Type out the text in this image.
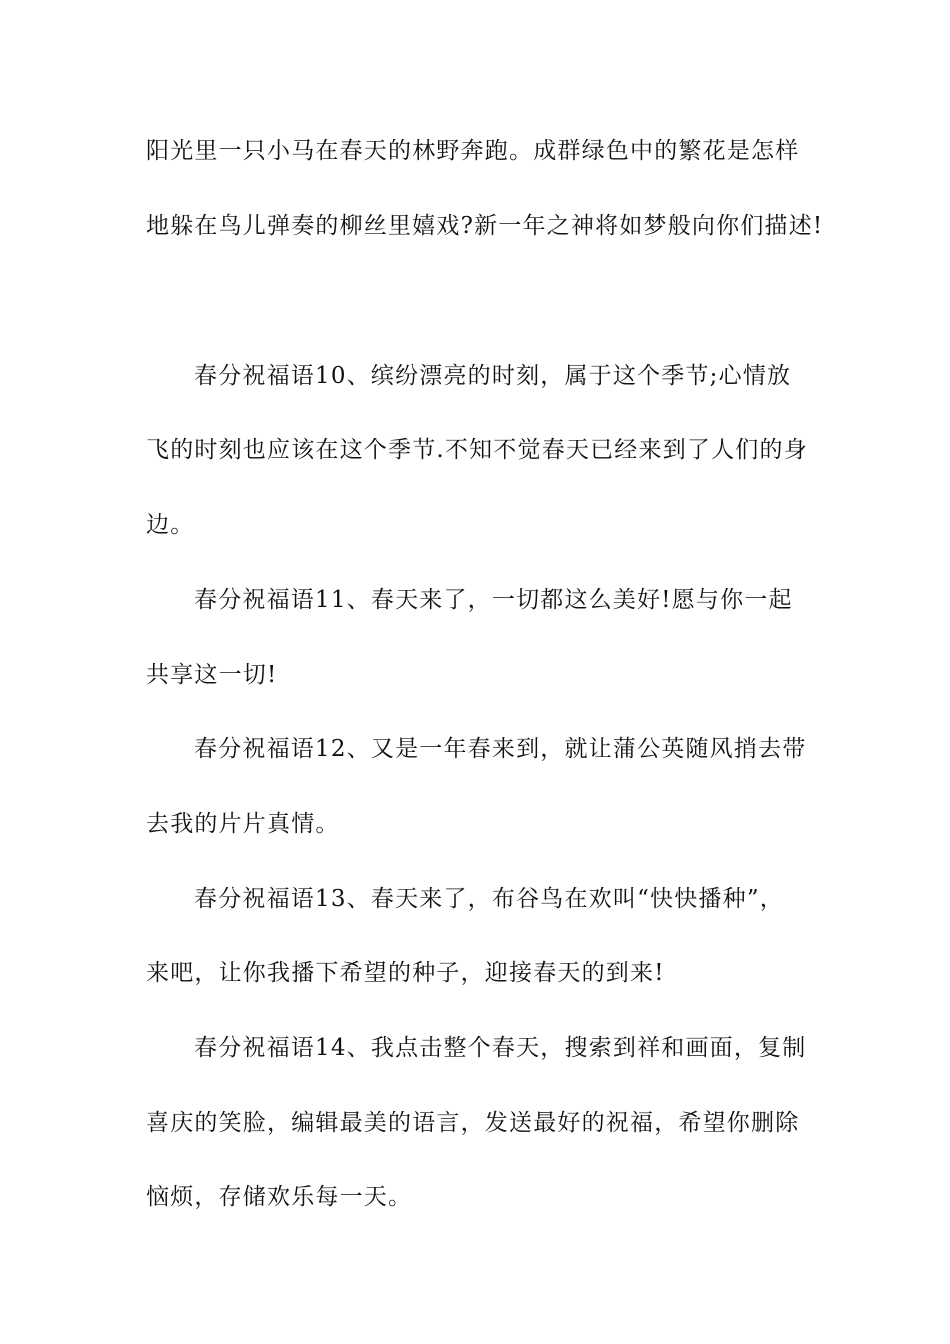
阳光里一只小马在春天的林野奔跑。成群绿色中的繁花是怎样
地躲在鸟儿弹奏的柳丝里嬉戏?新一年之神将如梦般向你们描述!
春分祝福语10、缤纷漂亮的时刻，属于这个季节;心情放
飞的时刻也应该在这个季节.不知不觉春天已经来到了人们的身
边。
春分祝福语11、春天来了，一切都这么美好!愿与你一起
共享这一切!
春分祝福语12、又是一年春来到，就让蒲公英随风捎去带
去我的片片真情。
春分祝福语13、春天来了，布谷鸟在欢叫“快快播种”，
来吧，让你我播下希望的种子，迎接春天的到来!
春分祝福语14、我点击整个春天，搜索到祥和画面，复制
喜庆的笑脸，编辑最美的语言，发送最好的祝福，希望你删除
恼烦，存储欢乐每一天。
